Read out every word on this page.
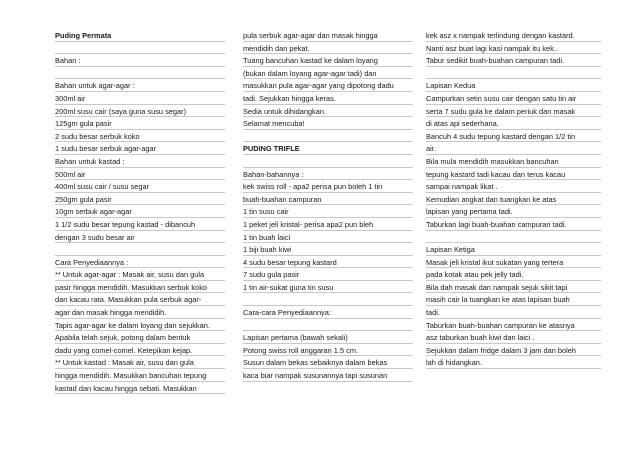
Puding Permata

Bahan :

Bahan untuk agar-agar :
300ml air
200ml susu cair (saya guna susu segar)
125gm gula pasir
2 sudu besar serbuk koko
1 sudu besar serbuk agar-agar
Bahan untuk kastad :
500ml air
400ml susu cair / susu segar
250gm gula pasir
10gm serbuk agar-agar
1 1/2 sudu besar tepung kastad - dibancuh
dengan 3 sudu besar air

Cara Penyediaannya :
** Untuk agar-agar : Masak air, susu dan gula
pasir hingga mendidih. Masukkan serbuk koko
dan kacau rata. Masukkan pula serbuk agar-
agar dan masak hingga mendidih.
Tapis agar-agar ke dalam loyang dan sejukkan.
Apabila telah sejuk, potong dalam bentuk
dadu yang comel-comel. Ketepikan kejap.
** Untuk kastad : Masak air, susu dan gula
hingga mendidih. Masukkan bancuhan tepung
kastad dan kacau hingga sebati. Masukkan
pula serbuk agar-agar dan masak hingga
mendidih dan pekat.
Tuang bancuhan kastad ke dalam loyang
(bukan dalam loyang agar-agar tadi) dan
masukkan pula agar-agar yang dipotong dadu
tadi. Sejukkan hingga keras.
Sedia untuk dihidangkan.
Selamat mencuba!

PUDING TRIFLE

Bahan-bahannya :
kek swiss roll - apa2 perisa pun boleh 1 tin
buah-buahan campuran
1 tin susu cair
1 peket jeli kristal- perisa apa2 pun bleh
1 tin buah laici
1 biji buah kiwi
4 sudu besar tepung kastard
7 sudu gula pasir
1 tin air-sukat guna tin susu

Cara-cara Penyediaannya:

Lapisan pertama (bawah sekali)
Potong swiss roll anggaran 1.5 cm.
Susun dalam bekas sebaiknya dalam bekas
kaca biar nampak susunannya tapi susunan
kek asz x nampak terlindung dengan kastard.
Nanti asz buat lagi kasi nampak itu kek..
Tabur sedikit buah-buahan campuran tadi.

Lapisan Kedua
Campurkan setin susu cair dengan satu tin air
serta 7 sudu gula ke dalam periuk dan masak
di atas api sederhana.
Bancuh 4 sudu tepung kastard dengan 1/2 tin
air.
Bila mula mendidih masukkan bancuhan
tepung kastard tadi kacau dan terus kacau
sampai nampak likat .
Kemudian angkat dan tuangkan ke atas
lapisan yang pertama tadi.
Taburkan lagi buah-buahan campuran tadi.

Lapisan Ketiga
Masak jeli kristal ikut sukatan yang tertera
pada kotak atau pek jelly tadi.
Bila dah masak dan nampak sejuk sikit tapi
masih cair la tuangkan ke atas lapisan buah
tadi.
Taburkan buah-buahan campuran ke atasnya
asz taburkan buah kiwi dan laici .
Sejukkan dalam fridge dalam 3 jam dan boleh
lah di hidangkan.
